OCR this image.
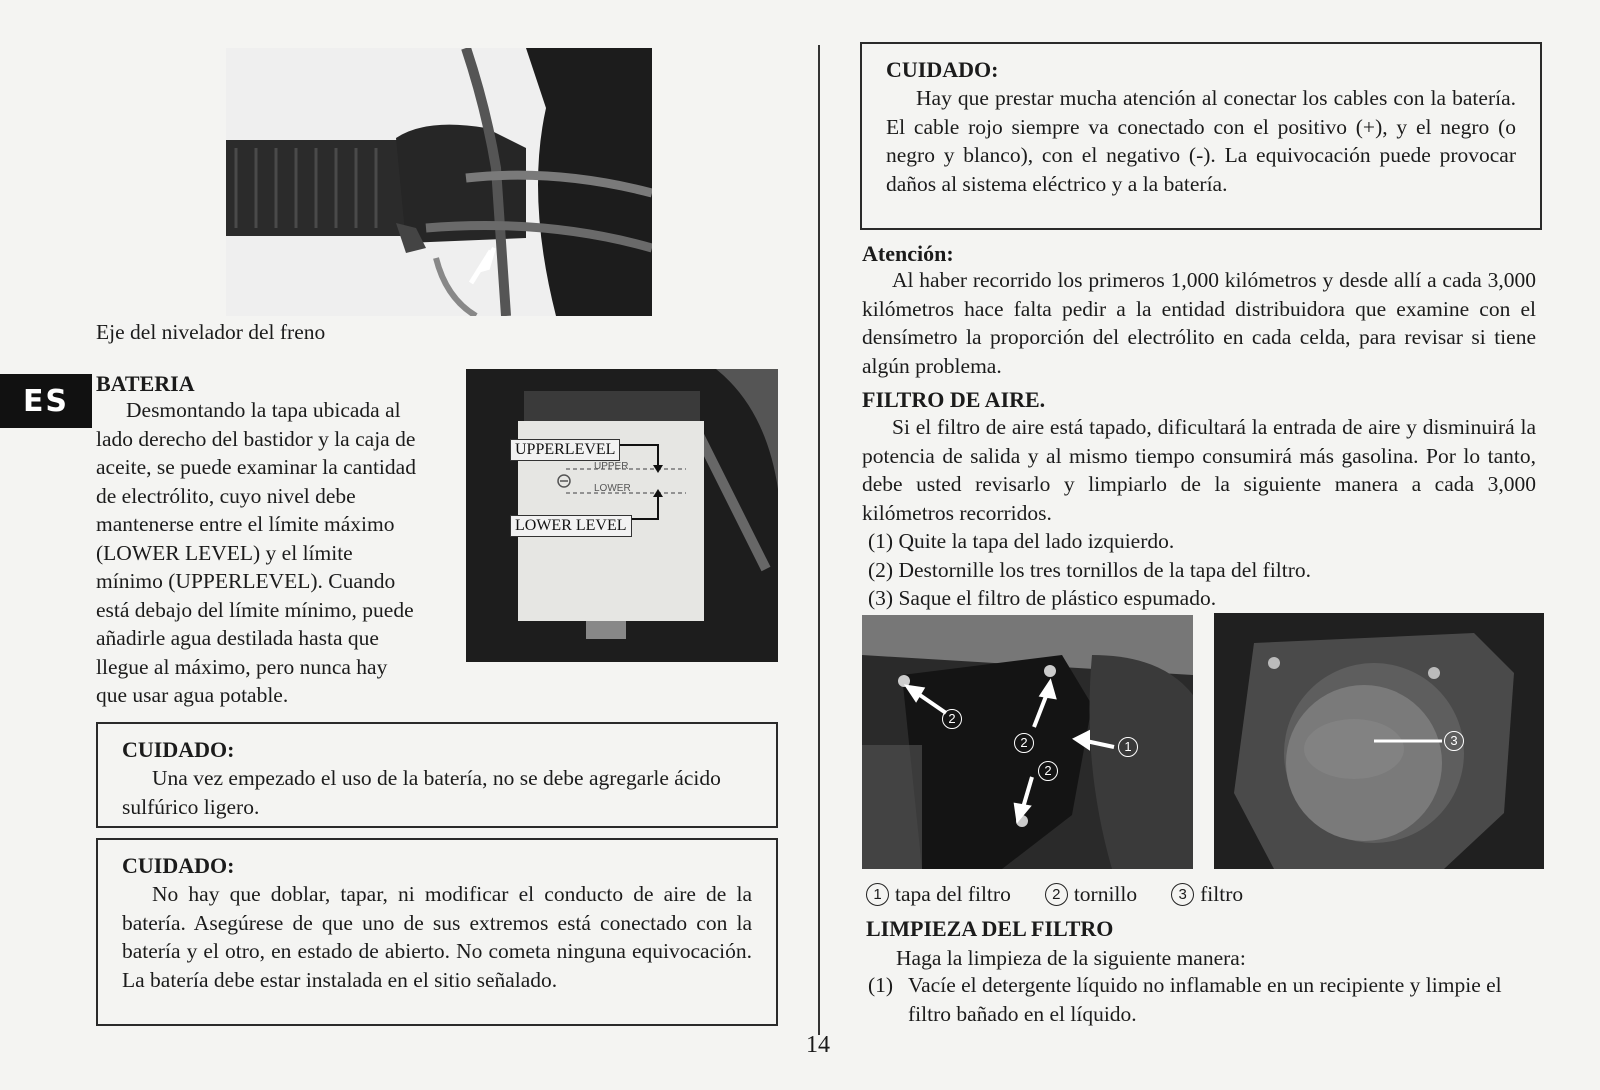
Eje del nivelador del freno
ES	BATERIA
UPPERLEVEL
LOWER LEVEL
UPPER
LOWER

Desmontando la tapa ubicada al lado derecho del bastidor y la caja de aceite, se puede examinar la cantidad de electrólito, cuyo nivel debe mantenerse entre el límite máximo (LOWER LEVEL) y el límite mínimo (UPPERLEVEL). Cuando está debajo del límite mínimo, puede añadirle agua destilada hasta que llegue al máximo, pero nunca hay que usar agua potable.

CUIDADO:

Una vez empezado el uso de la batería, no se debe agregarle ácido sulfúrico ligero.

CUIDADO:

No hay que doblar, tapar, ni modificar el conducto de aire de la batería. Asegúrese de que uno de sus extremos está conectado con la batería y el otro, en estado de abierto. No cometa ninguna equivocación. La batería debe estar instalada en el sitio señalado.

14
CUIDADO:

Hay que prestar mucha atención al conectar los cables con la batería. El cable rojo siempre va conectado con el positivo (+), y el negro (o negro y blanco), con el negativo (-). La equivocación puede provocar daños al sistema eléctrico y a la batería.

Atención:

Al haber recorrido los primeros 1,000 kilómetros y desde allí a cada 3,000 kilómetros hace falta pedir a la entidad distribuidora que examine con el densímetro la proporción del electrólito en cada celda, para revisar si tiene algún problema.

FILTRO DE AIRE.

Si el filtro de aire está tapado, dificultará la entrada de aire y disminuirá la potencia de salida y al mismo tiempo consumirá más gasolina. Por lo tanto, debe usted revisarlo y limpiarlo de la siguiente manera a cada 3,000 kilómetros recorridos.

(1) Quite la tapa del lado izquierdo.
(2) Destornille los tres tornillos de la tapa del filtro.
(3) Saque el filtro de plástico espumado.
2
2
2
1	3
1 tapa del filtro	2 tornillo	3 filtro
LIMPIEZA DEL FILTRO

Haga la limpieza de la siguiente manera:

(1) Vacíe el detergente líquido no inflamable en un recipiente y limpie el filtro bañado en el líquido.
